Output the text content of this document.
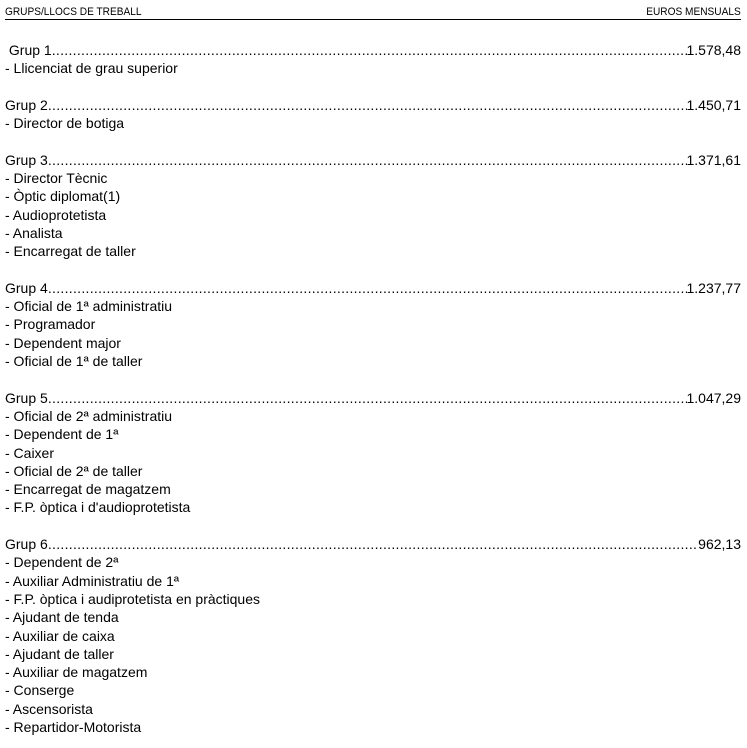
GRUPS/LLOCS DE TREBALL	EUROS MENSUALS
Grup 1 .....	1.578,48
- Llicenciat de grau superior
Grup 2 .....	1.450,71
- Director de botiga
Grup 3 .....	1.371,61
- Director Tècnic
- Òptic diplomat(1)
- Audioprotetista
- Analista
- Encarregat de taller
Grup 4 .....	1.237,77
- Oficial de 1ª administratiu
- Programador
- Dependent major
- Oficial de 1ª de taller
Grup 5 .....	1.047,29
- Oficial de 2ª administratiu
- Dependent de 1ª
- Caixer
- Oficial de 2ª de taller
- Encarregat de magatzem
- F.P. òptica i d'audioprotetista
Grup 6 .....	962,13
- Dependent de 2ª
- Auxiliar Administratiu de 1ª
- F.P. òptica i audiprotetista en pràctiques
- Ajudant de tenda
- Auxiliar de caixa
- Ajudant de taller
- Auxiliar de magatzem
- Conserge
- Ascensorista
- Repartidor-Motorista
